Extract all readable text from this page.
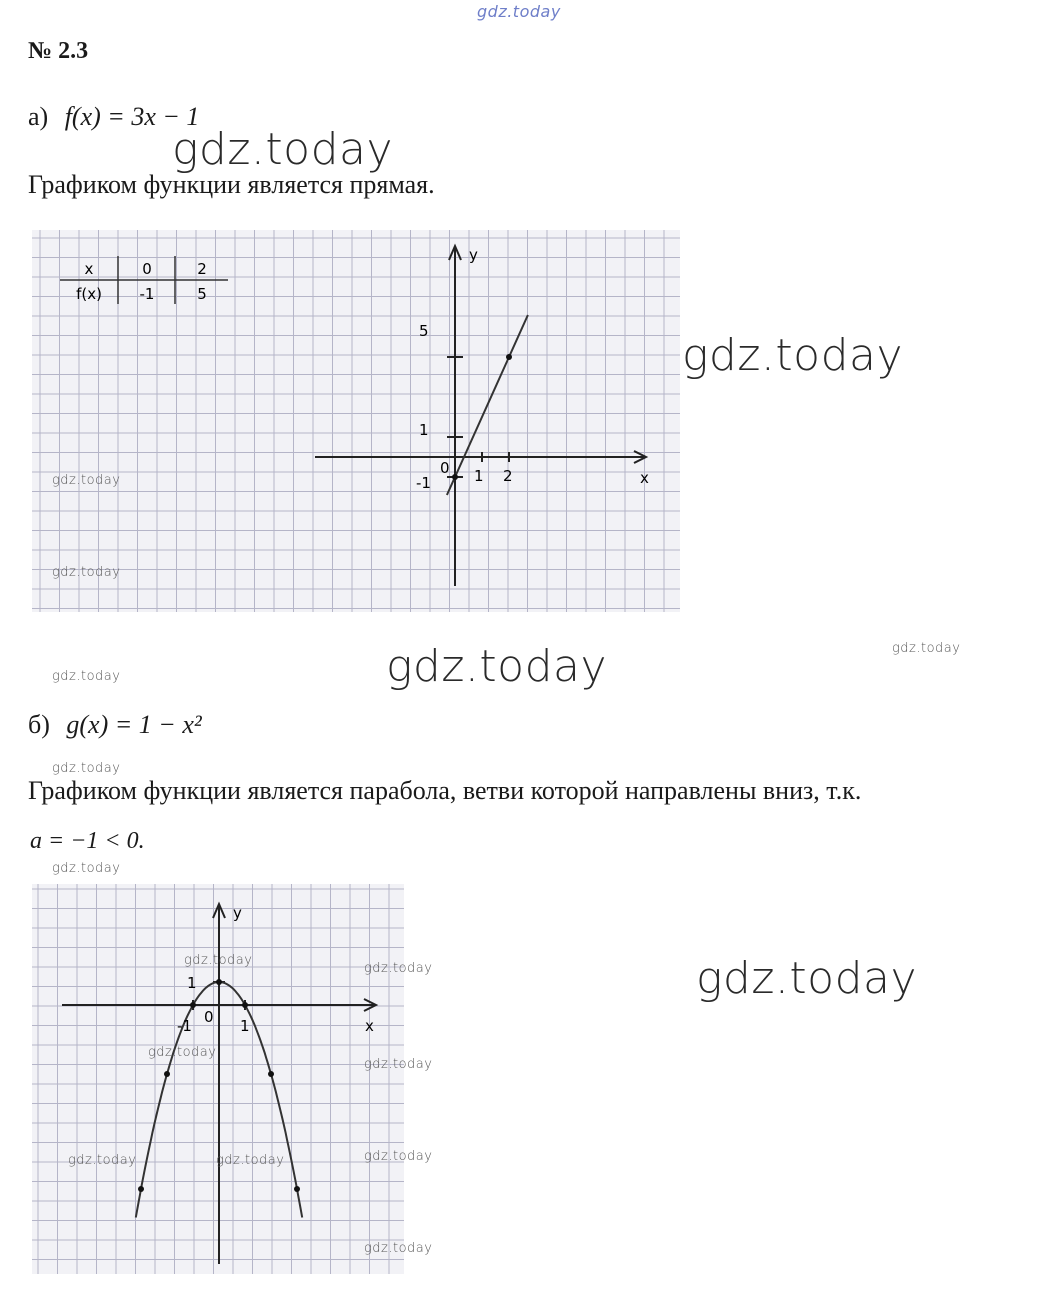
gdz.today
№ 2.3
а) f(x) = 3x − 1
gdz.today
Графиком функции является прямая.
x	0	2
f(x)	-1	5
y
x
0 1 2
-1
1
5
gdz.today
gdz.today
gdz.today
gdz.today	gdz.today
gdz.today
б) g(x) = 1 − x²
gdz.today
Графиком функции является парабола, ветви которой направлены вниз, т.к.
a = −1 < 0.
gdz.today
y
x
-1 0 1
1
gdz.today
gdz.today
gdz.today
gdz.today
gdz.today	gdz.today	gdz.today
gdz.today
gdz.today
